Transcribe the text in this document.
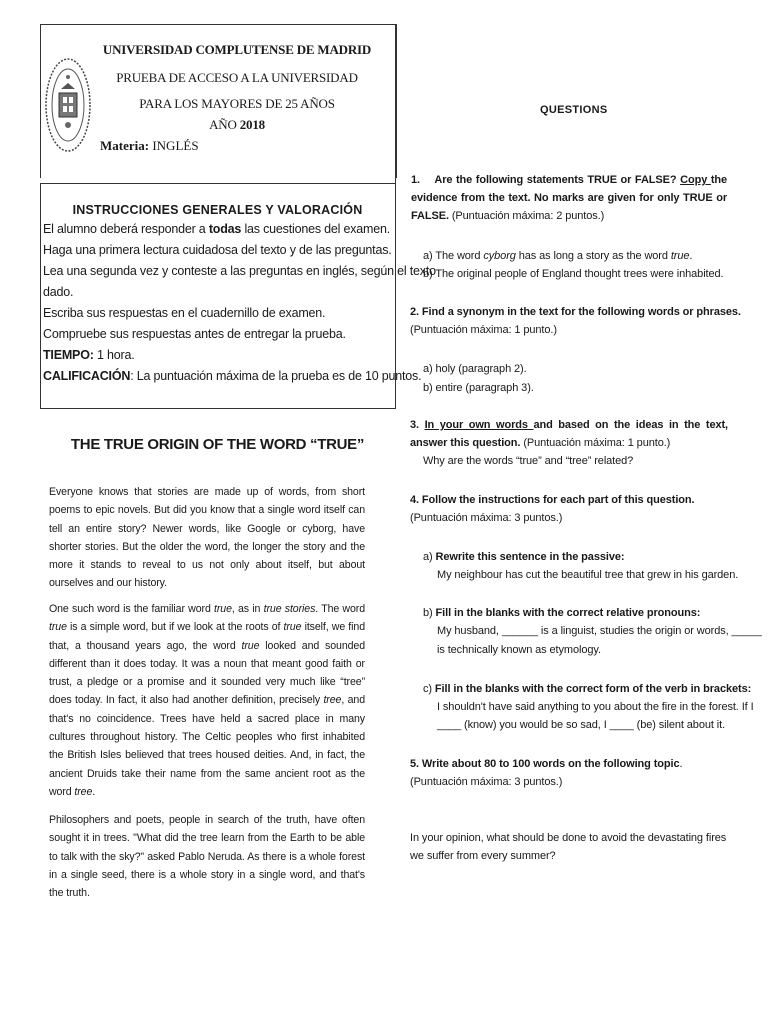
UNIVERSIDAD COMPLUTENSE DE MADRID
PRUEBA DE ACCESO A LA UNIVERSIDAD
PARA LOS MAYORES DE 25 AÑOS
AÑO 2018
Materia: INGLÉS
INSTRUCCIONES GENERALES Y VALORACIÓN
El alumno deberá responder a todas las cuestiones del examen.
Haga una primera lectura cuidadosa del texto y de las preguntas.
Lea una segunda vez y conteste a las preguntas en inglés, según el texto
dado.
Escriba sus respuestas en el cuadernillo de examen.
Compruebe sus respuestas antes de entregar la prueba.
TIEMPO: 1 hora.
CALIFICACIÓN: La puntuación máxima de la prueba es de 10 puntos.
THE TRUE ORIGIN OF THE WORD “TRUE”
Everyone knows that stories are made up of words, from short poems to epic novels. But did you know that a single word itself can tell an entire story? Newer words, like Google or cyborg, have shorter stories. But the older the word, the longer the story and the more it stands to reveal to us not only about itself, but about ourselves and our history.
One such word is the familiar word true, as in true stories. The word true is a simple word, but if we look at the roots of true itself, we find that, a thousand years ago, the word true looked and sounded different than it does today. It was a noun that meant good faith or trust, a pledge or a promise and it sounded very much like “tree” does today. In fact, it also had another definition, precisely tree, and that's no coincidence. Trees have held a sacred place in many cultures throughout history. The Celtic peoples who first inhabited the British Isles believed that trees housed deities. And, in fact, the ancient Druids take their name from the same ancient root as the word tree.
Philosophers and poets, people in search of the truth, have often sought it in trees. "What did the tree learn from the Earth to be able to talk with the sky?" asked Pablo Neruda. As there is a whole forest in a single seed, there is a whole story in a single word, and that's the truth.
QUESTIONS
1. Are the following statements TRUE or FALSE? Copy the evidence from the text. No marks are given for only TRUE or FALSE. (Puntuación máxima: 2 puntos.)
a) The word cyborg has as long a story as the word true.
b) The original people of England thought trees were inhabited.
2. Find a synonym in the text for the following words or phrases.
(Puntuación máxima: 1 punto.)
a) holy (paragraph 2).
b) entire (paragraph 3).
3. In your own words and based on the ideas in the text, answer this question. (Puntuación máxima: 1 punto.)
Why are the words “true” and “tree” related?
4. Follow the instructions for each part of this question. (Puntuación máxima: 3 puntos.)
a) Rewrite this sentence in the passive:
My neighbour has cut the beautiful tree that grew in his garden.
b) Fill in the blanks with the correct relative pronouns:
My husband, ______ is a linguist, studies the origin or words, _____
is technically known as etymology.
c) Fill in the blanks with the correct form of the verb in brackets:
I shouldn't have said anything to you about the fire in the forest. If I
____ (know) you would be so sad, I ____ (be) silent about it.
5. Write about 80 to 100 words on the following topic. (Puntuación máxima: 3 puntos.)
In your opinion, what should be done to avoid the devastating fires we suffer from every summer?
